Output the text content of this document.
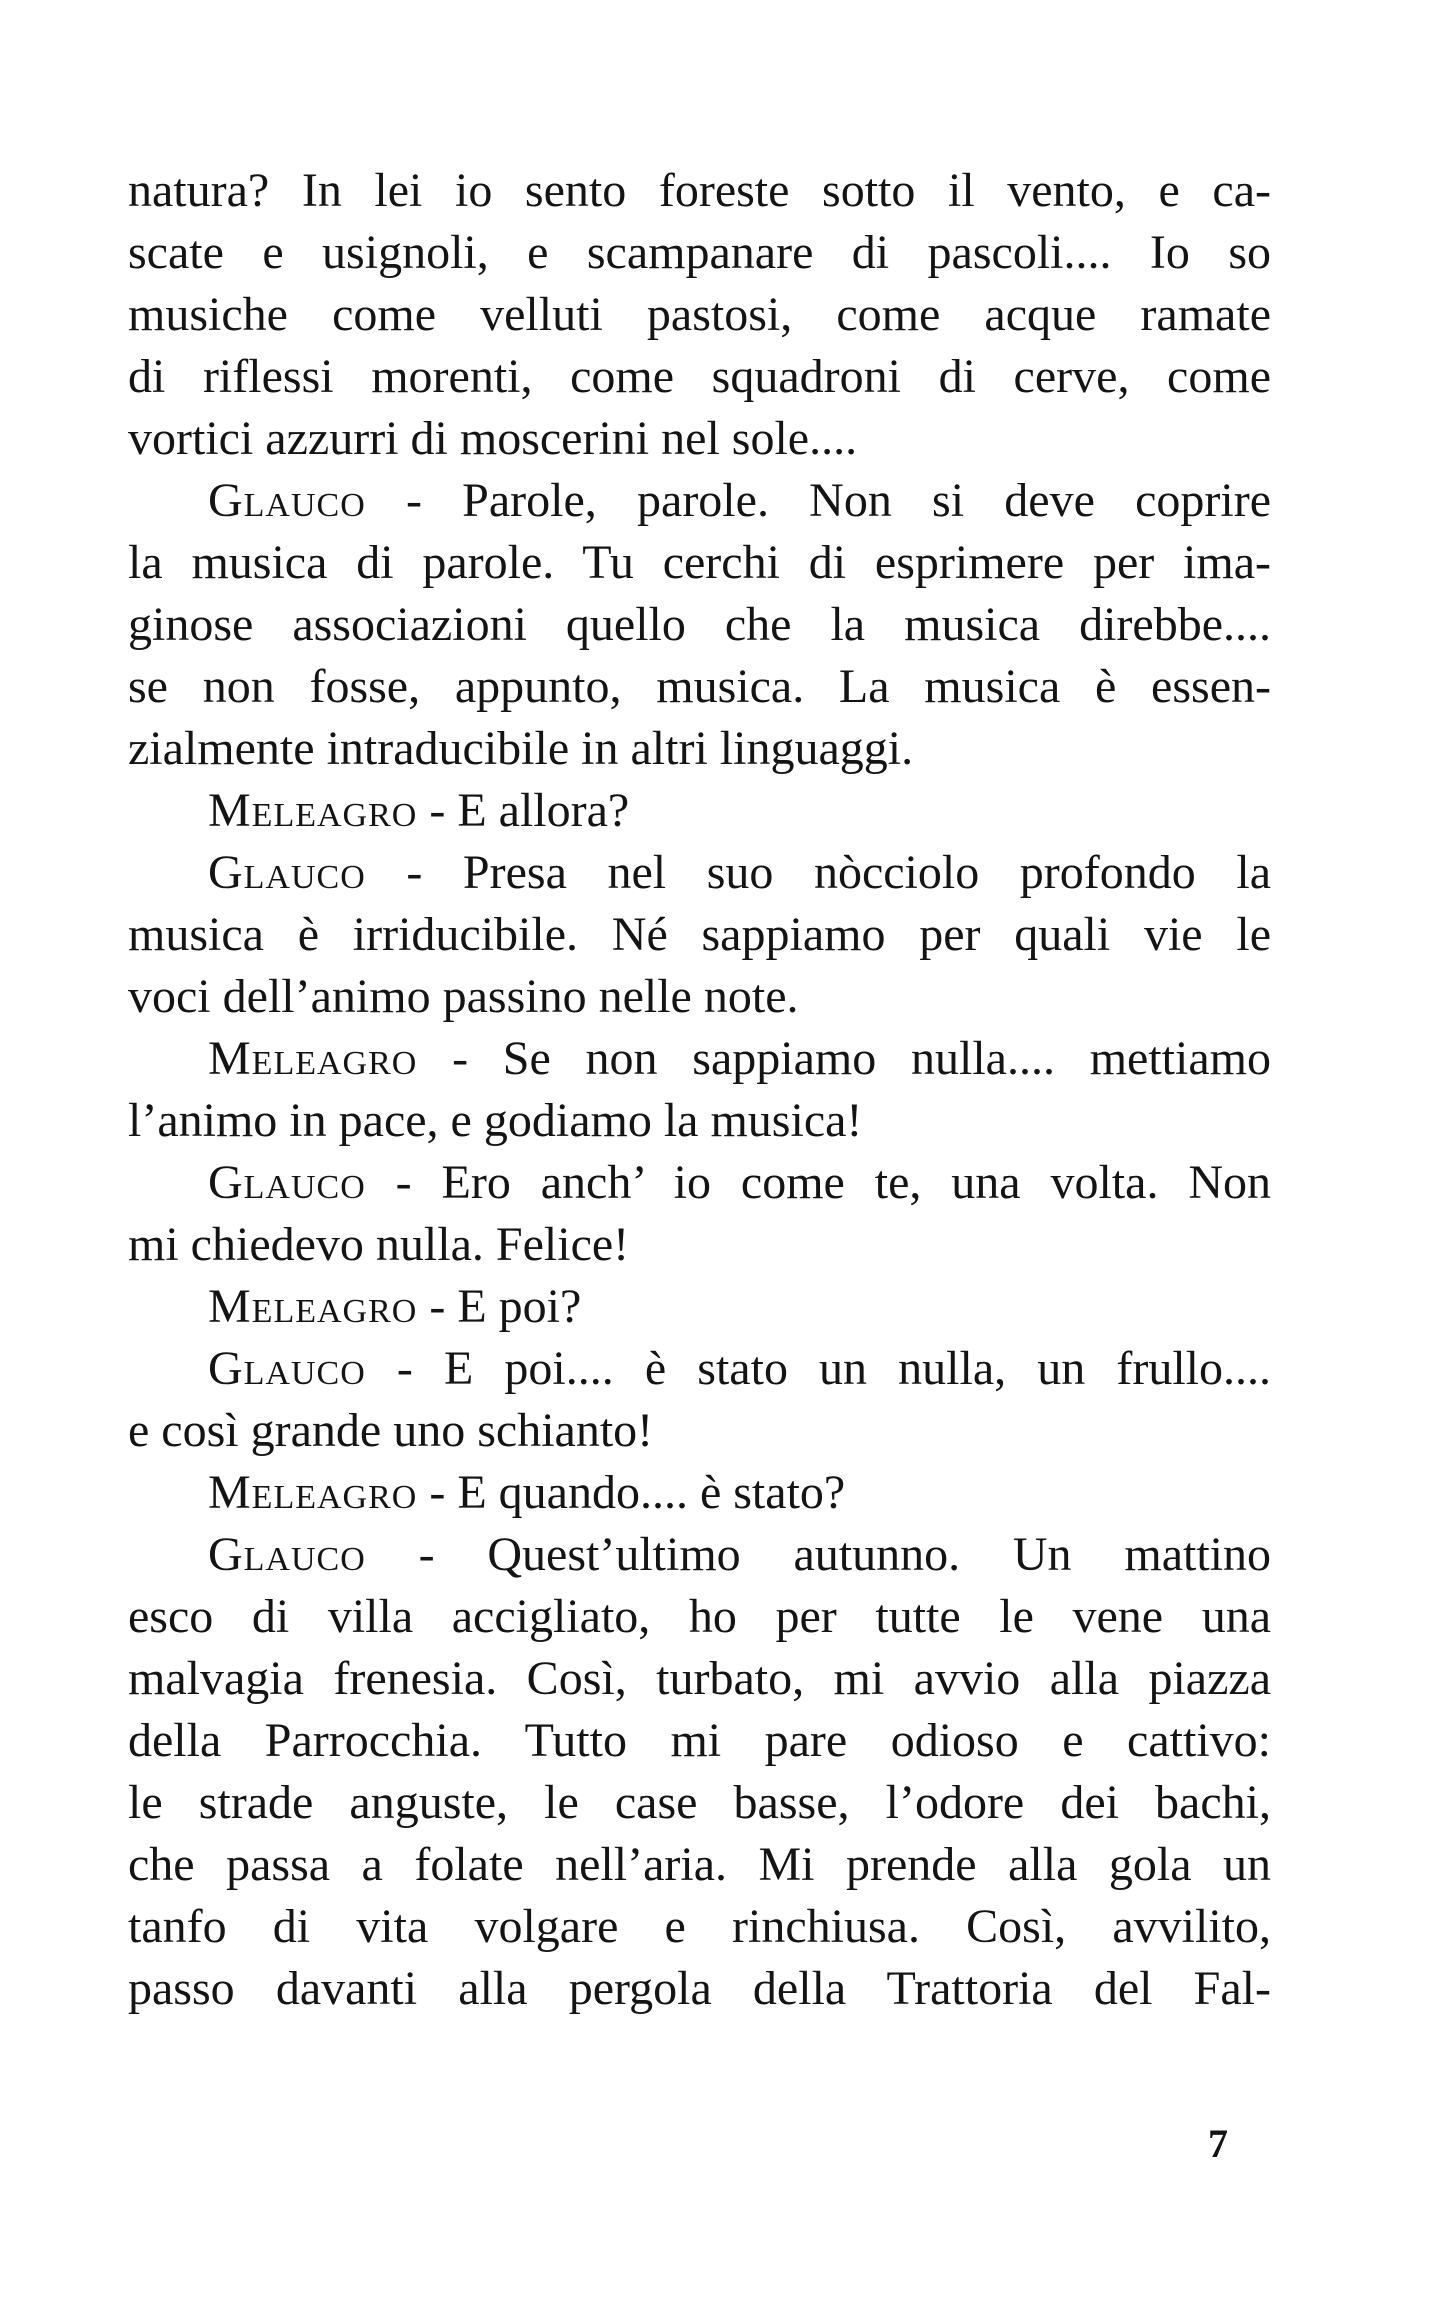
natura? In lei io sento foreste sotto il vento, e ca-
scate e usignoli, e scampanare di pascoli.... Io so
musiche come velluti pastosi, come acque ramate
di riflessi morenti, come squadroni di cerve, come
vortici azzurri di moscerini nel sole....
Glauco - Parole, parole. Non si deve coprire
la musica di parole. Tu cerchi di esprimere per ima-
ginose associazioni quello che la musica direbbe....
se non fosse, appunto, musica. La musica è essen-
zialmente intraducibile in altri linguaggi.
Meleagro - E allora?
Glauco - Presa nel suo nòcciolo profondo la
musica è irriducibile. Né sappiamo per quali vie le
voci dell’animo passino nelle note.
Meleagro - Se non sappiamo nulla.... mettiamo
l’animo in pace, e godiamo la musica!
Glauco - Ero anch’ io come te, una volta. Non
mi chiedevo nulla. Felice!
Meleagro - E poi?
Glauco - E poi.... è stato un nulla, un frullo....
e così grande uno schianto!
Meleagro - E quando.... è stato?
Glauco - Quest’ultimo autunno. Un mattino
esco di villa accigliato, ho per tutte le vene una
malvagia frenesia. Così, turbato, mi avvio alla piazza
della Parrocchia. Tutto mi pare odioso e cattivo:
le strade anguste, le case basse, l’odore dei bachi,
che passa a folate nell’aria. Mi prende alla gola un
tanfo di vita volgare e rinchiusa. Così, avvilito,
passo davanti alla pergola della Trattoria del Fal-
7
